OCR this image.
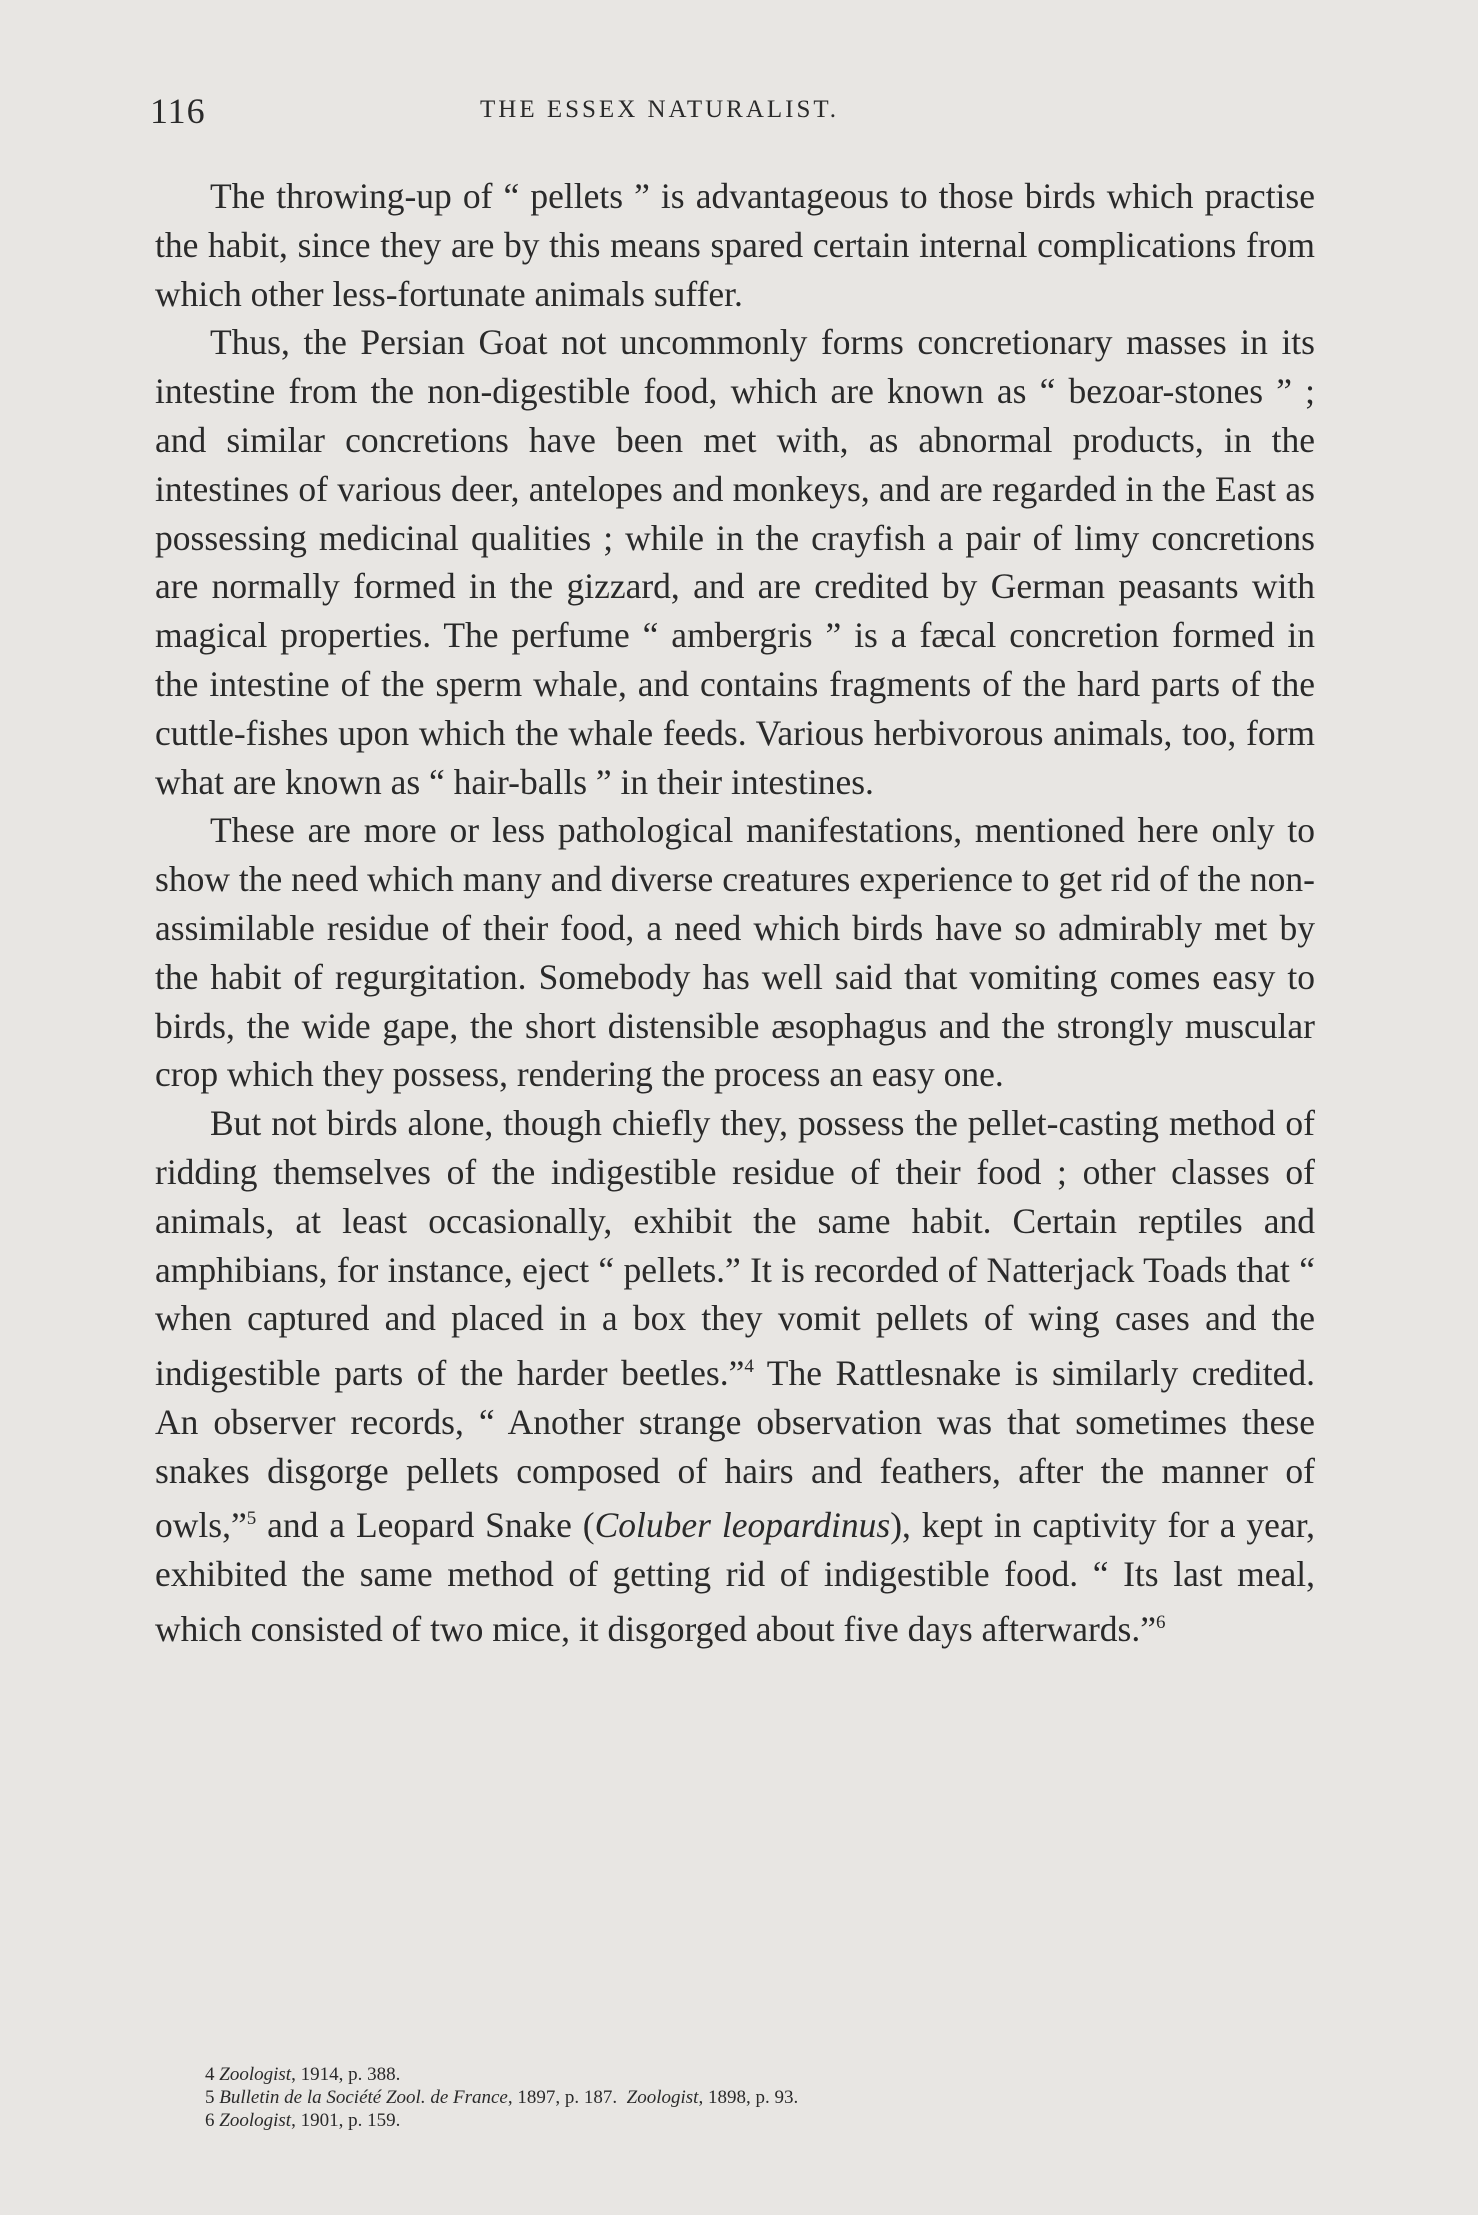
116	THE ESSEX NATURALIST.

The throwing-up of “ pellets ” is advantageous to those birds which practise the habit, since they are by this means spared certain internal complications from which other less-fortunate animals suffer.

Thus, the Persian Goat not uncommonly forms concretionary masses in its intestine from the non-digestible food, which are known as “ bezoar-stones ” ; and similar concretions have been met with, as abnormal products, in the intestines of various deer, antelopes and monkeys, and are regarded in the East as possessing medicinal qualities ; while in the crayfish a pair of limy concretions are normally formed in the gizzard, and are credited by German peasants with magical properties. The perfume “ ambergris ” is a fæcal concretion formed in the intestine of the sperm whale, and contains fragments of the hard parts of the cuttle-fishes upon which the whale feeds. Various herbivorous animals, too, form what are known as “ hair-balls ” in their intestines.

These are more or less pathological manifestations, mentioned here only to show the need which many and diverse creatures experience to get rid of the non-assimilable residue of their food, a need which birds have so admirably met by the habit of regurgitation. Somebody has well said that vomiting comes easy to birds, the wide gape, the short distensible æsophagus and the strongly muscular crop which they possess, rendering the process an easy one.

But not birds alone, though chiefly they, possess the pellet-casting method of ridding themselves of the indigestible residue of their food ; other classes of animals, at least occasionally, exhibit the same habit. Certain reptiles and amphibians, for instance, eject “ pellets.” It is recorded of Natterjack Toads that “ when captured and placed in a box they vomit pellets of wing cases and the indigestible parts of the harder beetles.”$^4$ The Rattlesnake is similarly credited. An observer records, “ Another strange observation was that sometimes these snakes disgorge pellets composed of hairs and feathers, after the manner of owls,”$^5$ and a Leopard Snake (Coluber leopardinus), kept in captivity for a year, exhibited the same method of getting rid of indigestible food. “ Its last meal, which consisted of two mice, it disgorged about five days afterwards.”$^6$

4 Zoologist, 1914, p. 388.
5 Bulletin de la Société Zool. de France, 1897, p. 187. Zoologist, 1898, p. 93.
6 Zoologist, 1901, p. 159.
